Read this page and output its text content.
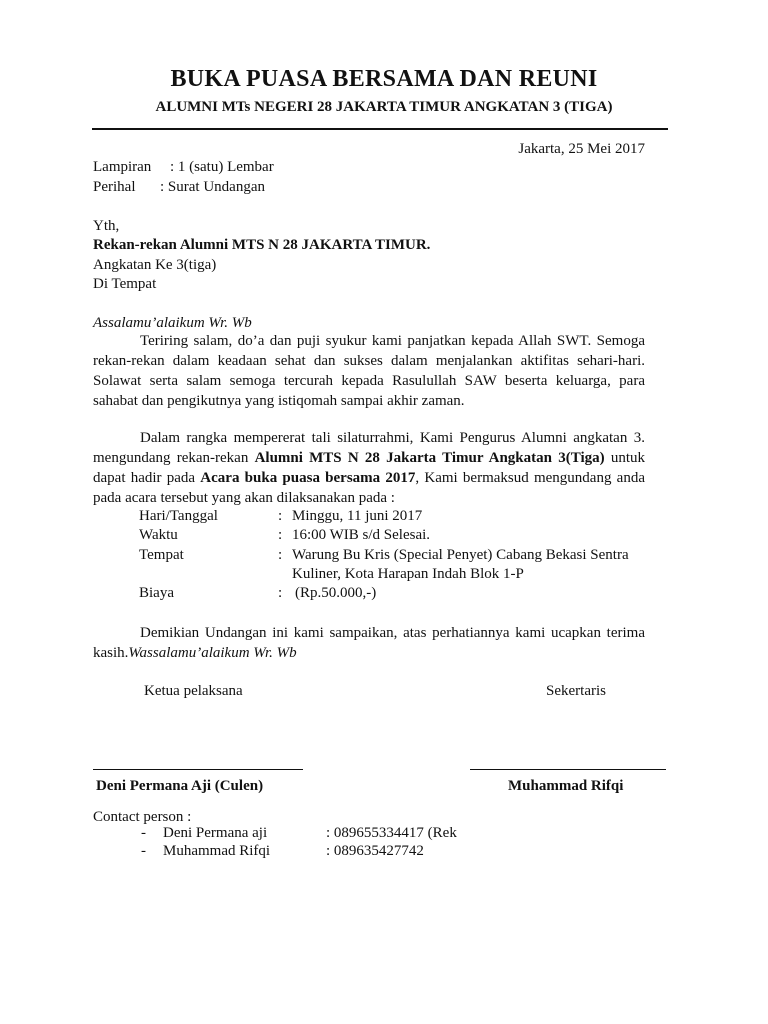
BUKA PUASA BERSAMA DAN REUNI
ALUMNI MTs NEGERI 28 JAKARTA TIMUR ANGKATAN 3 (TIGA)
Jakarta, 25 Mei 2017
Lampiran : 1 (satu) Lembar
Perihal : Surat Undangan
Yth,
Rekan-rekan Alumni MTS N 28 JAKARTA TIMUR.
Angkatan Ke 3(tiga)
Di Tempat
Assalamu’alaikum Wr. Wb
Teriring salam, do’a dan puji syukur kami panjatkan kepada Allah SWT. Semoga rekan-rekan dalam keadaan sehat dan sukses dalam menjalankan aktifitas sehari-hari. Solawat serta salam semoga tercurah kepada Rasulullah SAW beserta keluarga, para sahabat dan pengikutnya yang istiqomah sampai akhir zaman.
Dalam rangka mempererat tali silaturrahmi, Kami Pengurus Alumni angkatan 3. mengundang rekan-rekan Alumni MTS N 28 Jakarta Timur Angkatan 3(Tiga) untuk dapat hadir pada Acara buka puasa bersama 2017, Kami bermaksud mengundang anda pada acara tersebut yang akan dilaksanakan pada :
Hari/Tanggal	: Minggu, 11 juni 2017
Waktu	: 16:00 WIB s/d Selesai.
Tempat	: Warung Bu Kris (Special Penyet) Cabang Bekasi Sentra
Kuliner, Kota Harapan Indah Blok 1-P
Biaya	: (Rp.50.000,-)
Demikian Undangan ini kami sampaikan, atas perhatiannya kami ucapkan terima kasih.Wassalamu’alaikum Wr. Wb
Ketua pelaksana	Sekertaris
Deni Permana Aji (Culen)	Muhammad Rifqi
Contact person :
- Deni Permana aji	: 089655334417 (Rek
- Muhammad Rifqi	: 089635427742
